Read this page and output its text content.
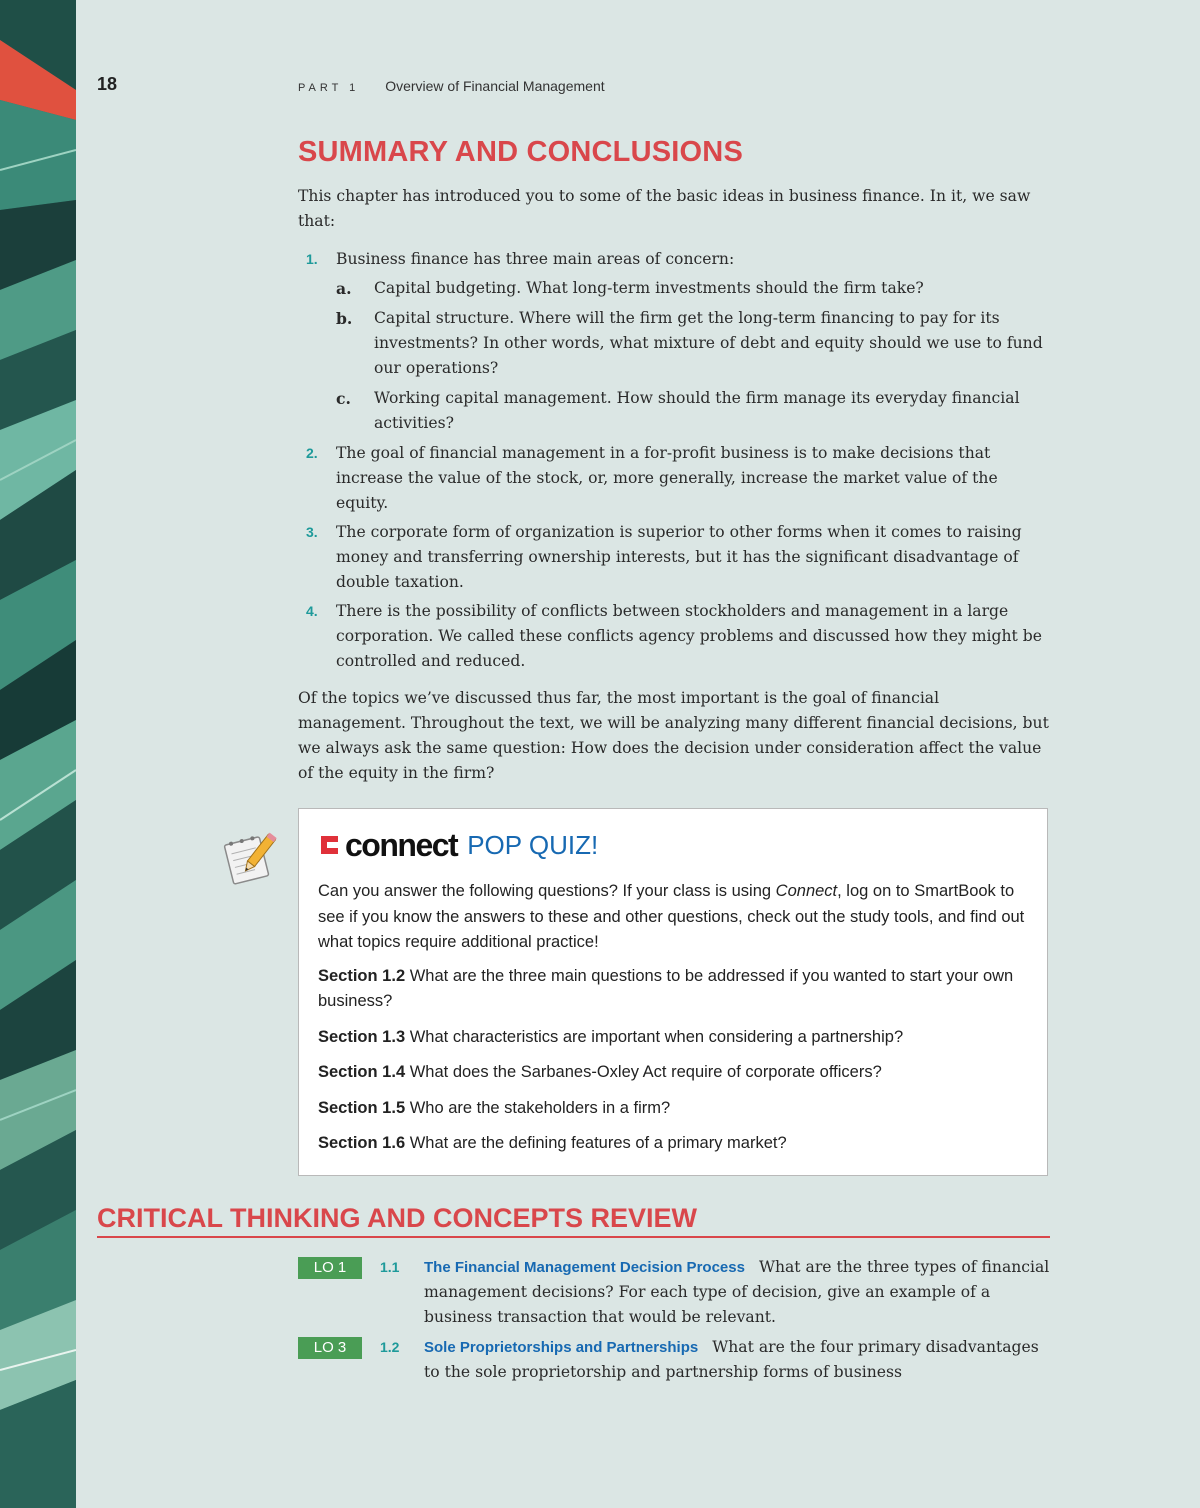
18	PART 1 Overview of Financial Management
SUMMARY AND CONCLUSIONS

This chapter has introduced you to some of the basic ideas in business finance. In it, we saw that:

1. Business finance has three main areas of concern:
a. Capital budgeting. What long-term investments should the firm take?
b. Capital structure. Where will the firm get the long-term financing to pay for its investments? In other words, what mixture of debt and equity should we use to fund our operations?
c. Working capital management. How should the firm manage its everyday financial activities?
2. The goal of financial management in a for-profit business is to make decisions that increase the value of the stock, or, more generally, increase the market value of the equity.
3. The corporate form of organization is superior to other forms when it comes to raising money and transferring ownership interests, but it has the significant disadvantage of double taxation.
4. There is the possibility of conflicts between stockholders and management in a large corporation. We called these conflicts agency problems and discussed how they might be controlled and reduced.

Of the topics we’ve discussed thus far, the most important is the goal of financial management. Throughout the text, we will be analyzing many different financial decisions, but we always ask the same question: How does the decision under consideration affect the value of the equity in the firm?

connect POP QUIZ!

Can you answer the following questions? If your class is using Connect, log on to SmartBook to see if you know the answers to these and other questions, check out the study tools, and find out what topics require additional practice!

Section 1.2 What are the three main questions to be addressed if you wanted to start your own business?

Section 1.3 What characteristics are important when considering a partnership?

Section 1.4 What does the Sarbanes-Oxley Act require of corporate officers?

Section 1.5 Who are the stakeholders in a firm?

Section 1.6 What are the defining features of a primary market?

CRITICAL THINKING AND CONCEPTS REVIEW
LO 1	1.1 The Financial Management Decision Process What are the three types of financial management decisions? For each type of decision, give an example of a business transaction that would be relevant.

LO 3	1.2 Sole Proprietorships and Partnerships What are the four primary disadvantages to the sole proprietorship and partnership forms of business
